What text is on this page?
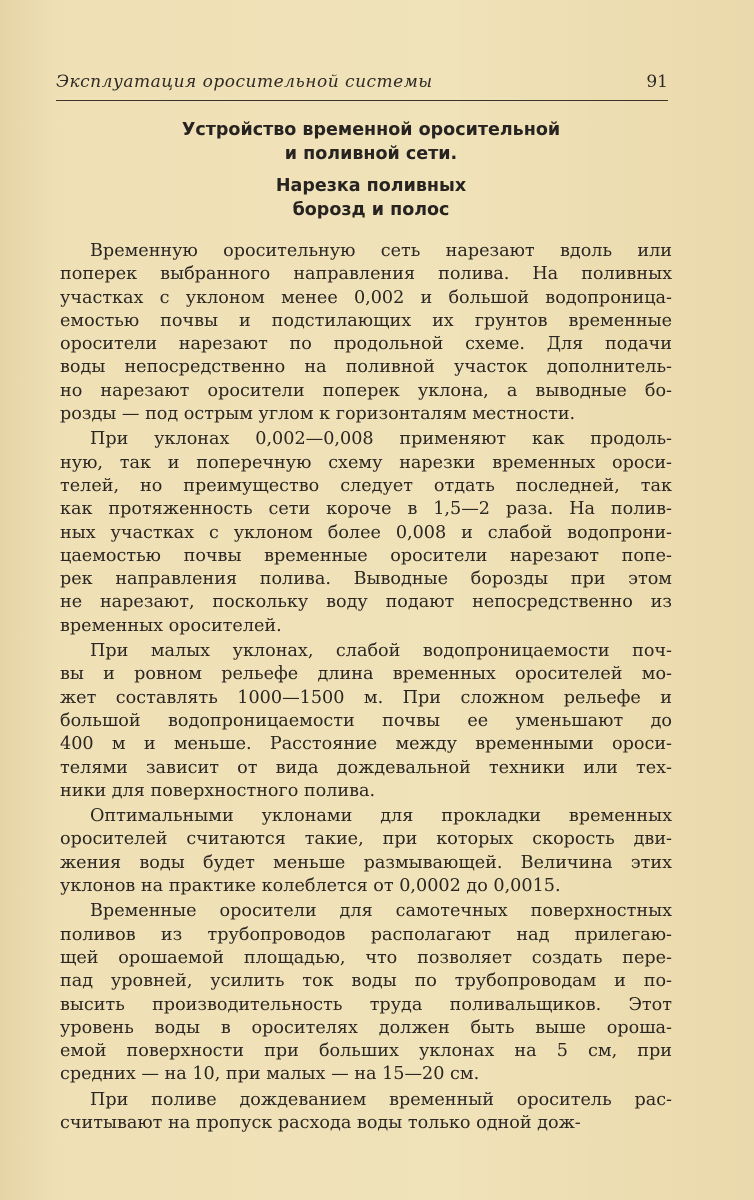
Эксплуатация оросительной системы	91
Устройство временной оросительной
и поливной сети.
Нарезка поливных
борозд и полос
Временную оросительную сеть нарезают вдоль или
поперек выбранного направления полива. На поливных
участках с уклоном менее 0,002 и большой водопроница-
емостью почвы и подстилающих их грунтов временные
оросители нарезают по продольной схеме. Для подачи
воды непосредственно на поливной участок дополнитель-
но нарезают оросители поперек уклона, а выводные бо-
розды — под острым углом к горизонталям местности.
При уклонах 0,002—0,008 применяют как продоль-
ную, так и поперечную схему нарезки временных ороси-
телей, но преимущество следует отдать последней, так
как протяженность сети короче в 1,5—2 раза. На полив-
ных участках с уклоном более 0,008 и слабой водопрони-
цаемостью почвы временные оросители нарезают попе-
рек направления полива. Выводные борозды при этом
не нарезают, поскольку воду подают непосредственно из
временных оросителей.
При малых уклонах, слабой водопроницаемости поч-
вы и ровном рельефе длина временных оросителей мо-
жет составлять 1000—1500 м. При сложном рельефе и
большой водопроницаемости почвы ее уменьшают до
400 м и меньше. Расстояние между временными ороси-
телями зависит от вида дождевальной техники или тех-
ники для поверхностного полива.
Оптимальными уклонами для прокладки временных
оросителей считаются такие, при которых скорость дви-
жения воды будет меньше размывающей. Величина этих
уклонов на практике колеблется от 0,0002 до 0,0015.
Временные оросители для самотечных поверхностных
поливов из трубопроводов располагают над прилегаю-
щей орошаемой площадью, что позволяет создать пере-
пад уровней, усилить ток воды по трубопроводам и по-
высить производительность труда поливальщиков. Этот
уровень воды в оросителях должен быть выше ороша-
емой поверхности при больших уклонах на 5 см, при
средних — на 10, при малых — на 15—20 см.
При поливе дождеванием временный ороситель рас-
считывают на пропуск расхода воды только одной дож-
